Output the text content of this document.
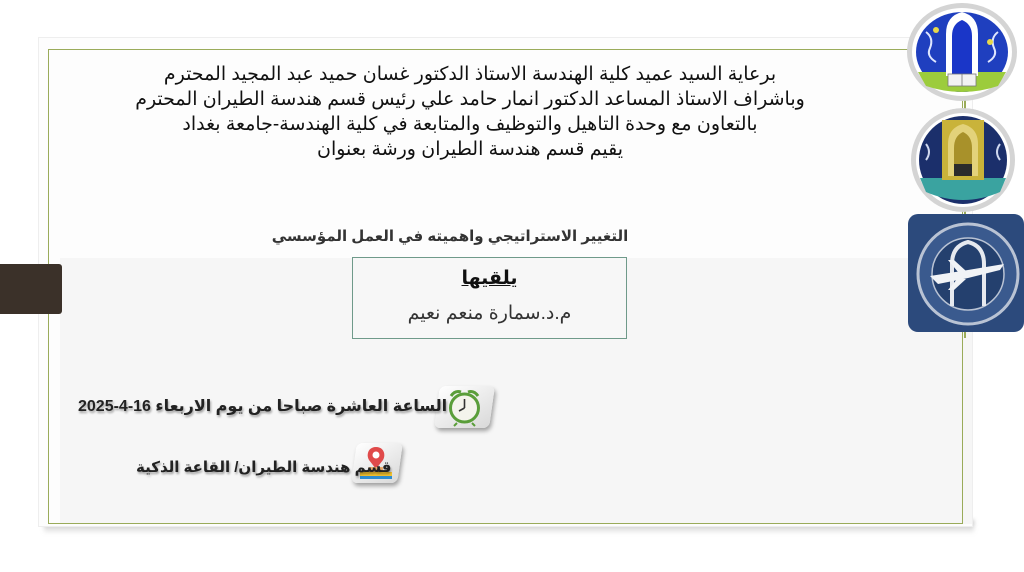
برعاية السيد عميد كلية الهندسة الاستاذ الدكتور غسان حميد عبد المجيد المحترم
وباشراف الاستاذ المساعد الدكتور انمار حامد علي رئيس قسم هندسة الطيران المحترم
بالتعاون مع وحدة التاهيل والتوظيف والمتابعة في كلية الهندسة-جامعة بغداد
يقيم قسم هندسة الطيران ورشة بعنوان
التغيير الاستراتيجي واهميته في العمل المؤسسي
يلقيها
م.د.سمارة منعم نعيم
الساعة العاشرة صباحا من يوم الاربعاء 16-4-2025
قسم هندسة الطيران/ القاعة الذكية
